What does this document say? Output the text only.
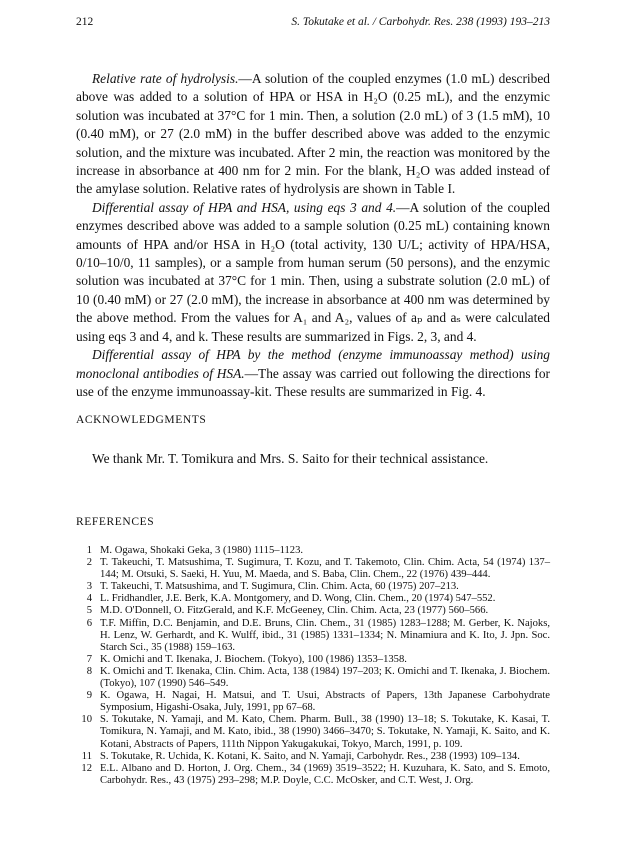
212	S. Tokutake et al. / Carbohydr. Res. 238 (1993) 193–213

Relative rate of hydrolysis.—A solution of the coupled enzymes (1.0 mL) described above was added to a solution of HPA or HSA in H₂O (0.25 mL), and the enzymic solution was incubated at 37°C for 1 min. Then, a solution (2.0 mL) of 3 (1.5 mM), 10 (0.40 mM), or 27 (2.0 mM) in the buffer described above was added to the enzymic solution, and the mixture was incubated. After 2 min, the reaction was monitored by the increase in absorbance at 400 nm for 2 min. For the blank, H₂O was added instead of the amylase solution. Relative rates of hydrolysis are shown in Table I.

Differential assay of HPA and HSA, using eqs 3 and 4.—A solution of the coupled enzymes described above was added to a sample solution (0.25 mL) containing known amounts of HPA and/or HSA in H₂O (total activity, 130 U/L; activity of HPA/HSA, 0/10–10/0, 11 samples), or a sample from human serum (50 persons), and the enzymic solution was incubated at 37°C for 1 min. Then, using a substrate solution (2.0 mL) of 10 (0.40 mM) or 27 (2.0 mM), the increase in absorbance at 400 nm was determined by the above method. From the values for A₁ and A₂, values of aₚ and aₛ were calculated using eqs 3 and 4, and k. These results are summarized in Figs. 2, 3, and 4.

Differential assay of HPA by the method (enzyme immunoassay method) using monoclonal antibodies of HSA.—The assay was carried out following the directions for use of the enzyme immunoassay-kit. These results are summarized in Fig. 4.

ACKNOWLEDGMENTS
We thank Mr. T. Tomikura and Mrs. S. Saito for their technical assistance.
REFERENCES

1 M. Ogawa, Shokaki Geka, 3 (1980) 1115–1123.

2 T. Takeuchi, T. Matsushima, T. Sugimura, T. Kozu, and T. Takemoto, Clin. Chim. Acta, 54 (1974) 137–144; M. Otsuki, S. Saeki, H. Yuu, M. Maeda, and S. Baba, Clin. Chem., 22 (1976) 439–444.

3 T. Takeuchi, T. Matsushima, and T. Sugimura, Clin. Chim. Acta, 60 (1975) 207–213.

4 L. Fridhandler, J.E. Berk, K.A. Montgomery, and D. Wong, Clin. Chem., 20 (1974) 547–552.

5 M.D. O'Donnell, O. FitzGerald, and K.F. McGeeney, Clin. Chim. Acta, 23 (1977) 560–566.

6 T.F. Miffin, D.C. Benjamin, and D.E. Bruns, Clin. Chem., 31 (1985) 1283–1288; M. Gerber, K. Najoks, H. Lenz, W. Gerhardt, and K. Wulff, ibid., 31 (1985) 1331–1334; N. Minamiura and K. Ito, J. Jpn. Soc. Starch Sci., 35 (1988) 159–163.

7 K. Omichi and T. Ikenaka, J. Biochem. (Tokyo), 100 (1986) 1353–1358.

8 K. Omichi and T. Ikenaka, Clin. Chim. Acta, 138 (1984) 197–203; K. Omichi and T. Ikenaka, J. Biochem. (Tokyo), 107 (1990) 546–549.

9 K. Ogawa, H. Nagai, H. Matsui, and T. Usui, Abstracts of Papers, 13th Japanese Carbohydrate Symposium, Higashi-Osaka, July, 1991, pp 67–68.

10 S. Tokutake, N. Yamaji, and M. Kato, Chem. Pharm. Bull., 38 (1990) 13–18; S. Tokutake, K. Kasai, T. Tomikura, N. Yamaji, and M. Kato, ibid., 38 (1990) 3466–3470; S. Tokutake, N. Yamaji, K. Saito, and K. Kotani, Abstracts of Papers, 111th Nippon Yakugakukai, Tokyo, March, 1991, p. 109.

11 S. Tokutake, R. Uchida, K. Kotani, K. Saito, and N. Yamaji, Carbohydr. Res., 238 (1993) 109–134.

12 E.L. Albano and D. Horton, J. Org. Chem., 34 (1969) 3519–3522; H. Kuzuhara, K. Sato, and S. Emoto, Carbohydr. Res., 43 (1975) 293–298; M.P. Doyle, C.C. McOsker, and C.T. West, J. Org.
